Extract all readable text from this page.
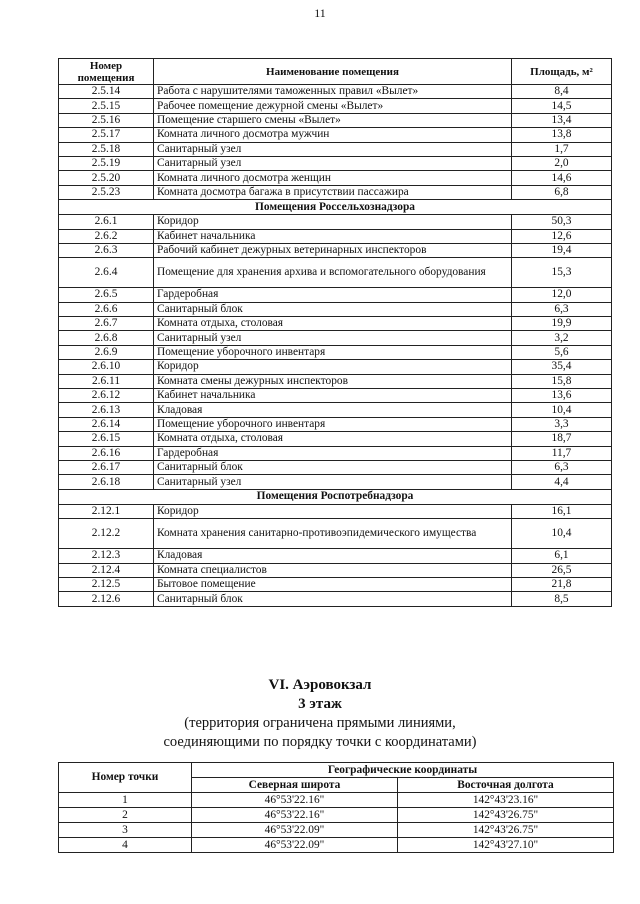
11
Номер помещения	Наименование помещения	Площадь, м²
2.5.14	Работа с нарушителями таможенных правил «Вылет»	8,4
2.5.15	Рабочее помещение дежурной смены «Вылет»	14,5
2.5.16	Помещение старшего смены «Вылет»	13,4
2.5.17	Комната личного досмотра мужчин	13,8
2.5.18	Санитарный узел	1,7
2.5.19	Санитарный узел	2,0
2.5.20	Комната личного досмотра женщин	14,6
2.5.23	Комната досмотра багажа в присутствии пассажира	6,8
Помещения Россельхознадзора		
2.6.1	Коридор	50,3
2.6.2	Кабинет начальника	12,6
2.6.3	Рабочий кабинет дежурных ветеринарных инспекторов	19,4
2.6.4	Помещение для хранения архива и вспомогательного оборудования	15,3
2.6.5	Гардеробная	12,0
2.6.6	Санитарный блок	6,3
2.6.7	Комната отдыха, столовая	19,9
2.6.8	Санитарный узел	3,2
2.6.9	Помещение уборочного инвентаря	5,6
2.6.10	Коридор	35,4
2.6.11	Комната смены дежурных инспекторов	15,8
2.6.12	Кабинет начальника	13,6
2.6.13	Кладовая	10,4
2.6.14	Помещение уборочного инвентаря	3,3
2.6.15	Комната отдыха, столовая	18,7
2.6.16	Гардеробная	11,7
2.6.17	Санитарный блок	6,3
2.6.18	Санитарный узел	4,4
Помещения Роспотребнадзора		
2.12.1	Коридор	16,1
2.12.2	Комната хранения санитарно-противоэпидемического имущества	10,4
2.12.3	Кладовая	6,1
2.12.4	Комната специалистов	26,5
2.12.5	Бытовое помещение	21,8
2.12.6	Санитарный блок	8,5
VI. Аэровокзал
3 этаж
(территория ограничена прямыми линиями,
соединяющими по порядку точки с координатами)
Номер точки	Географические координаты	
	Северная широта	Восточная долгота
1	46°53'22.16"	142°43'23.16"
2	46°53'22.16"	142°43'26.75"
3	46°53'22.09"	142°43'26.75"
4	46°53'22.09"	142°43'27.10"
